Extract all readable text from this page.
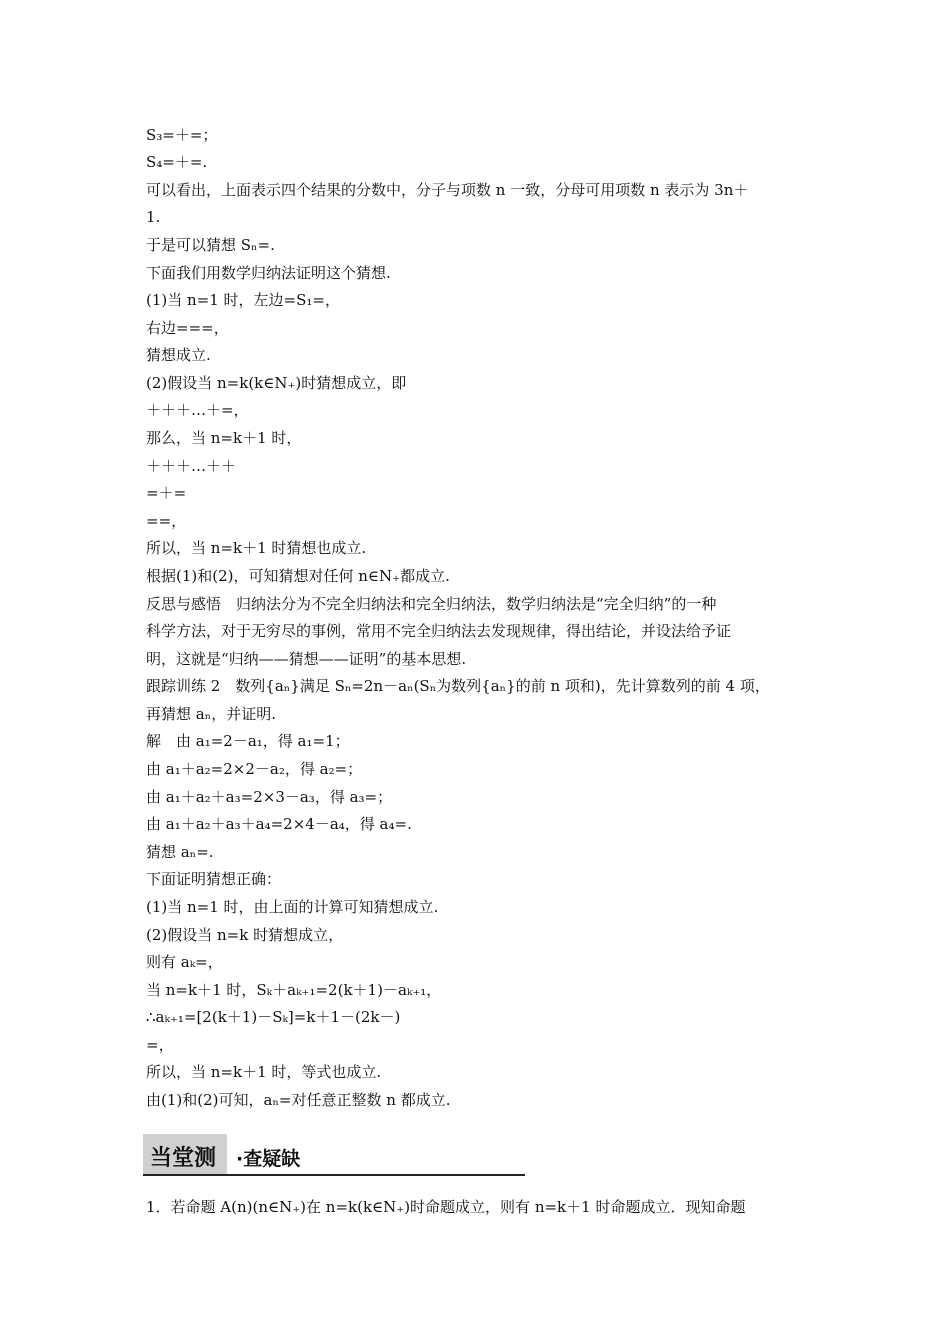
S₃=＋=；
S₄=＋=.
可以看出，上面表示四个结果的分数中，分子与项数 n 一致，分母可用项数 n 表示为 3n＋
1.
于是可以猜想 Sₙ=.
下面我们用数学归纳法证明这个猜想.
(1)当 n=1 时，左边=S₁=，
右边===，
猜想成立.
(2)假设当 n=k(k∈N₊)时猜想成立，即
＋＋＋…＋=，
那么，当 n=k＋1 时，
＋＋＋…＋＋
=＋=
==，
所以，当 n=k＋1 时猜想也成立.
根据(1)和(2)，可知猜想对任何 n∈N₊都成立.
反思与感悟　归纳法分为不完全归纳法和完全归纳法，数学归纳法是“完全归纳”的一种
科学方法，对于无穷尽的事例，常用不完全归纳法去发现规律，得出结论，并设法给予证
明，这就是“归纳——猜想——证明”的基本思想.
跟踪训练 2　数列{aₙ}满足 Sₙ=2n－aₙ(Sₙ为数列{aₙ}的前 n 项和)，先计算数列的前 4 项，
再猜想 aₙ，并证明.
解　由 a₁=2－a₁，得 a₁=1；
由 a₁＋a₂=2×2－a₂，得 a₂=；
由 a₁＋a₂＋a₃=2×3－a₃，得 a₃=；
由 a₁＋a₂＋a₃＋a₄=2×4－a₄，得 a₄=.
猜想 aₙ=.
下面证明猜想正确：
(1)当 n=1 时，由上面的计算可知猜想成立.
(2)假设当 n=k 时猜想成立，
则有 aₖ=，
当 n=k＋1 时，Sₖ＋aₖ₊₁=2(k＋1)－aₖ₊₁，
∴aₖ₊₁=[2(k＋1)－Sₖ]=k＋1－(2k－)
=，
所以，当 n=k＋1 时，等式也成立.
由(1)和(2)可知，aₙ=对任意正整数 n 都成立.
当堂测 ·查疑缺
1．若命题 A(n)(n∈N₊)在 n=k(k∈N₊)时命题成立，则有 n=k＋1 时命题成立．现知命题
